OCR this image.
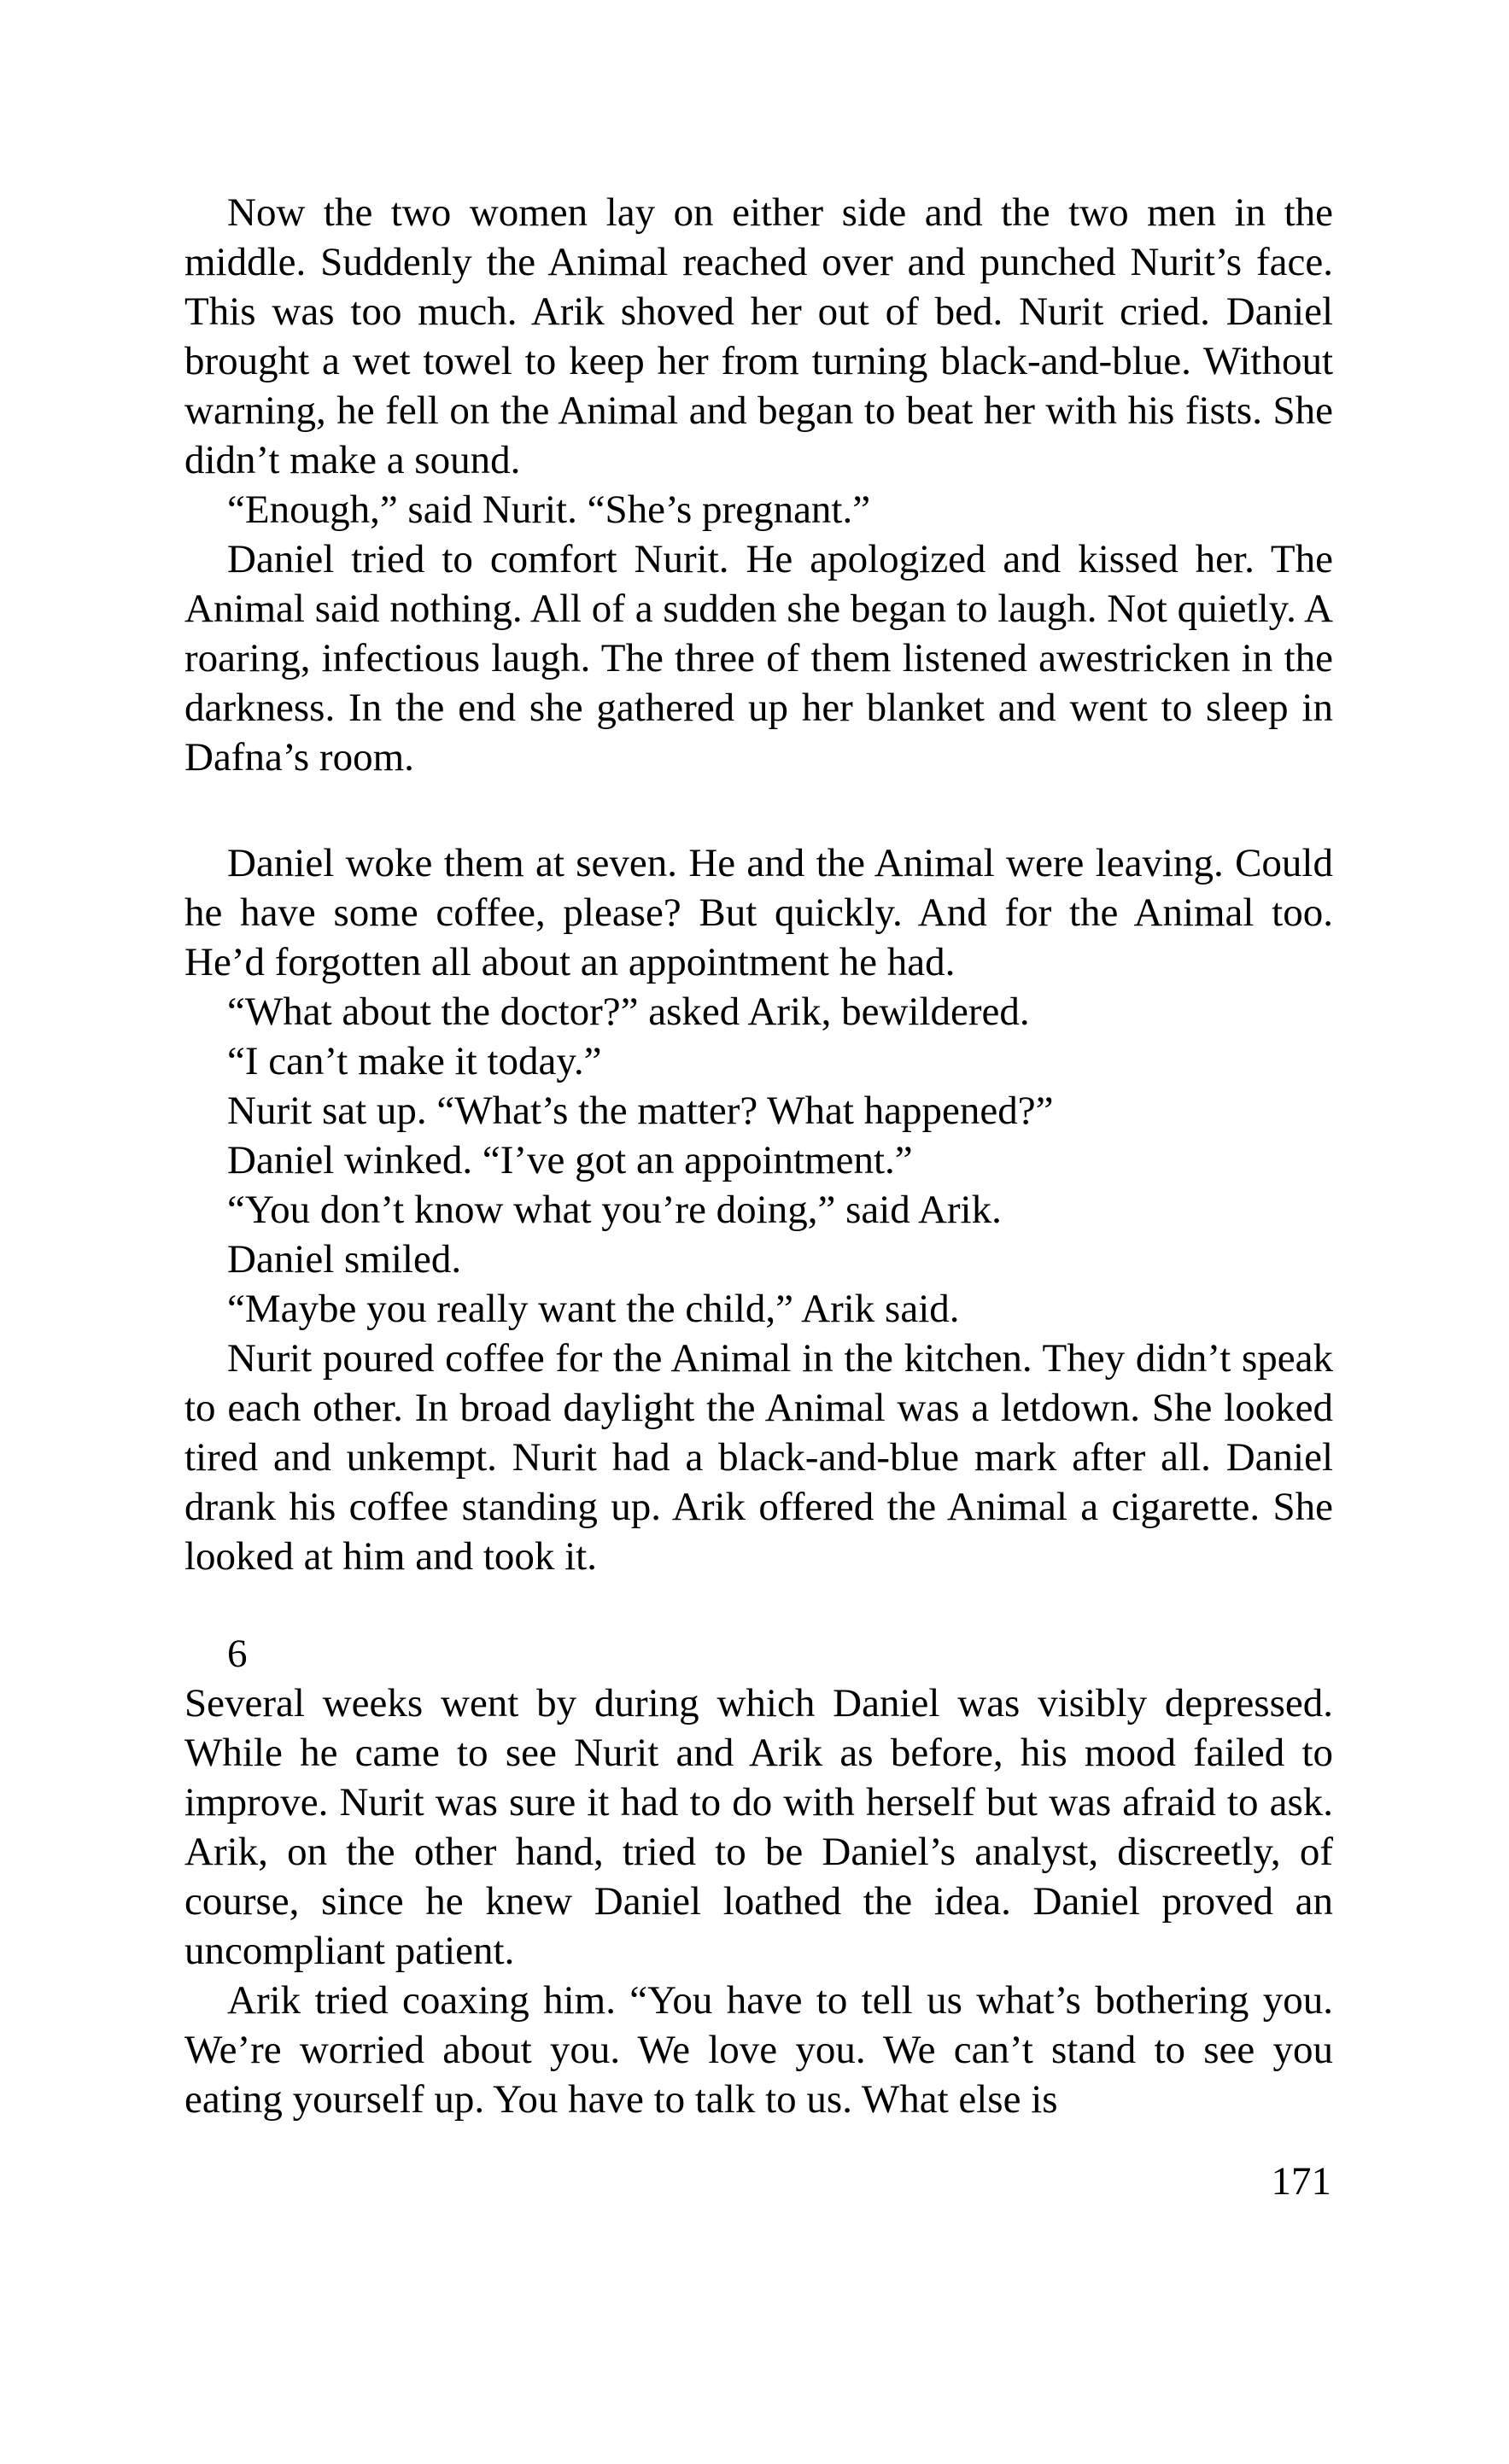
Now the two women lay on either side and the two men in the middle. Suddenly the Animal reached over and punched Nurit’s face. This was too much. Arik shoved her out of bed. Nurit cried. Daniel brought a wet towel to keep her from turning black-and-blue. Without warning, he fell on the Animal and began to beat her with his fists. She didn’t make a sound.

“Enough,” said Nurit. “She’s pregnant.”

Daniel tried to comfort Nurit. He apologized and kissed her. The Animal said nothing. All of a sudden she began to laugh. Not quietly. A roaring, infectious laugh. The three of them listened awestricken in the darkness. In the end she gathered up her blanket and went to sleep in Dafna’s room.

Daniel woke them at seven. He and the Animal were leaving. Could he have some coffee, please? But quickly. And for the Animal too. He’d forgotten all about an appointment he had.

“What about the doctor?” asked Arik, bewildered.

“I can’t make it today.”

Nurit sat up. “What’s the matter? What happened?”

Daniel winked. “I’ve got an appointment.”

“You don’t know what you’re doing,” said Arik.

Daniel smiled.

“Maybe you really want the child,” Arik said.

Nurit poured coffee for the Animal in the kitchen. They didn’t speak to each other. In broad daylight the Animal was a letdown. She looked tired and unkempt. Nurit had a black-and-blue mark after all. Daniel drank his coffee standing up. Arik offered the Animal a cigarette. She looked at him and took it.

6

Several weeks went by during which Daniel was visibly depressed. While he came to see Nurit and Arik as before, his mood failed to improve. Nurit was sure it had to do with herself but was afraid to ask. Arik, on the other hand, tried to be Daniel’s analyst, discreetly, of course, since he knew Daniel loathed the idea. Daniel proved an uncompliant patient.

Arik tried coaxing him. “You have to tell us what’s bothering you. We’re worried about you. We love you. We can’t stand to see you eating yourself up. You have to talk to us. What else is

171
